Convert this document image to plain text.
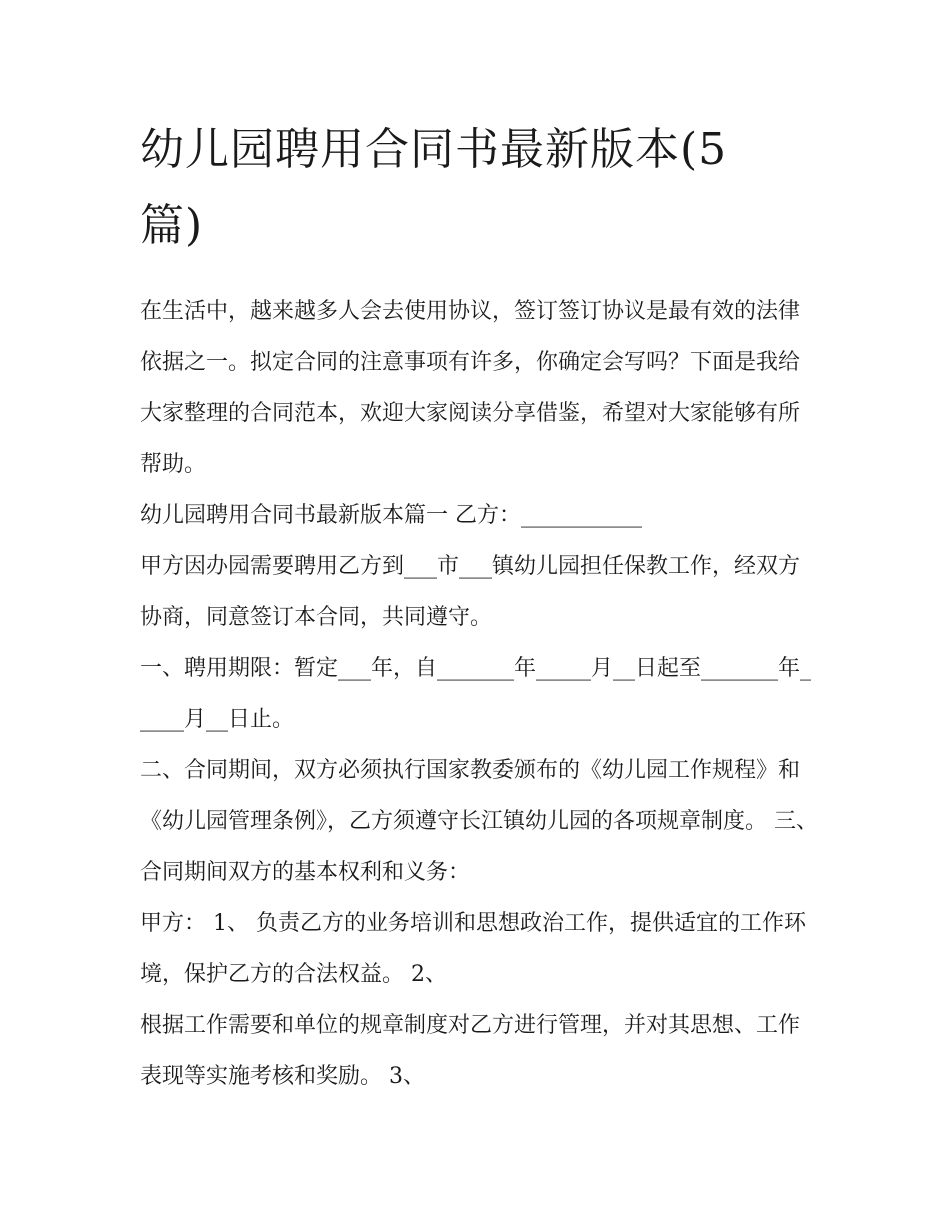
幼儿园聘用合同书最新版本(5
篇)

在生活中，越来越多人会去使用协议，签订签订协议是最有效的法律依据之一。拟定合同的注意事项有许多，你确定会写吗？下面是我给大家整理的合同范本，欢迎大家阅读分享借鉴，希望对大家能够有所帮助。

幼儿园聘用合同书最新版本篇一 乙方：___________

甲方因办园需要聘用乙方到___市___镇幼儿园担任保教工作，经双方协商，同意签订本合同，共同遵守。

一、聘用期限：暂定___年，自_______年_____月__日起至_______年_____月__日止。

二、合同期间，双方必须执行国家教委颁布的《幼儿园工作规程》和《幼儿园管理条例》，乙方须遵守长江镇幼儿园的各项规章制度。 三、合同期间双方的基本权利和义务：

甲方： 1、 负责乙方的业务培训和思想政治工作，提供适宜的工作环境，保护乙方的合法权益。 2、

根据工作需要和单位的规章制度对乙方进行管理，并对其思想、工作表现等实施考核和奖励。 3、
